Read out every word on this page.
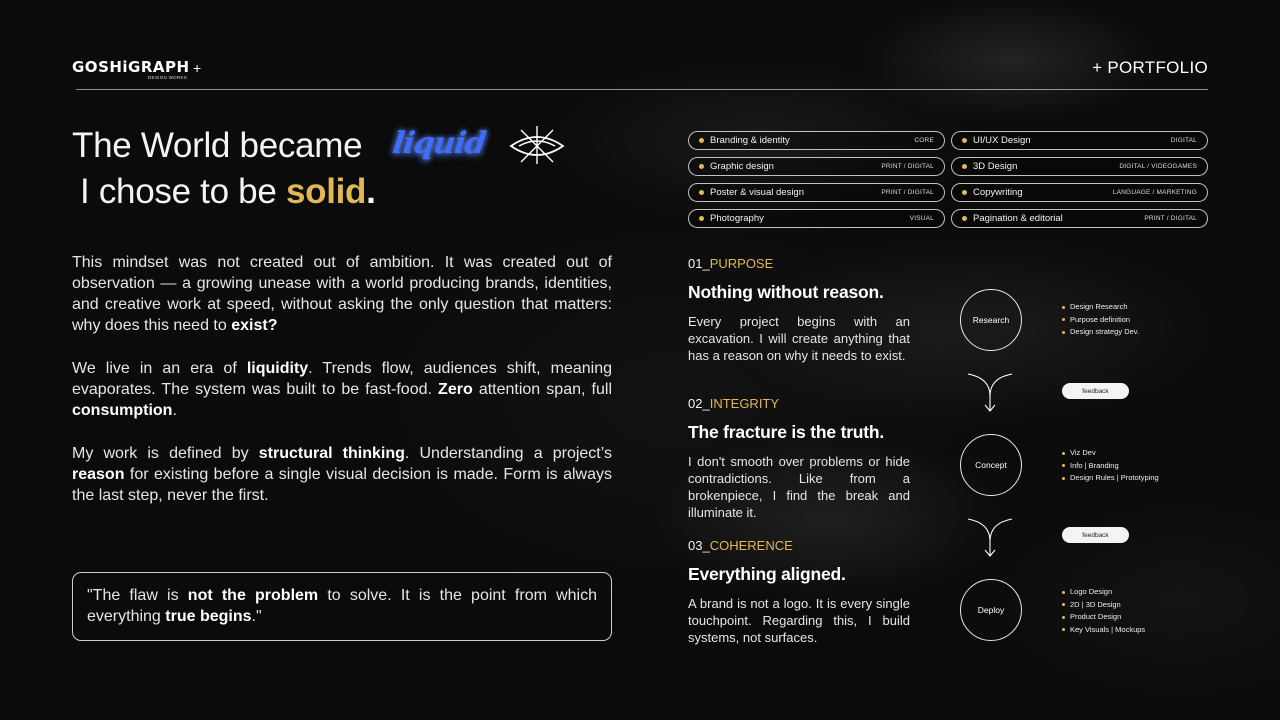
GOSHiGRAPH
DESIGN WORKS
+	+ PORTFOLIO
The World became liquid
I chose to be solid.

This mindset was not created out of ambition. It was created out of observation — a growing unease with a world producing brands, identities, and creative work at speed, without asking the only question that matters: why does this need to exist?

We live in an era of liquidity. Trends flow, audiences shift, meaning evaporates. The system was built to be fast-food. Zero attention span, full consumption.

My work is defined by structural thinking. Understanding a project’s reason for existing before a single visual decision is made. Form is always the last step, never the first.

"The flaw is not the problem to solve. It is the point from which everything true begins."
Branding & identity	CORE	UI/UX Design	DIGITAL
Graphic design	PRINT / DIGITAL	3D Design	DIGITAL / VIDEOGAMES
Poster & visual design	PRINT / DIGITAL	Copywriting	LANGUAGE / MARKETING
Photography	VISUAL	Pagination & editorial	PRINT / DIGITAL
01_PURPOSE
Nothing without reason.
Every project begins with an excavation. I will create anything that has a reason on why it needs to exist.
02_INTEGRITY
The fracture is the truth.
I don't smooth over problems or hide contradictions. Like from a brokenpiece, I find the break and illuminate it.
03_COHERENCE
Everything aligned.
A brand is not a logo. It is every single touchpoint. Regarding this, I build systems, not surfaces.
Research
Concept
Deploy
feedback
feedback
Design Research
Purpose definition
Design strategy Dev.
Viz Dev
Info | Branding
Design Rules | Prototyping
Logo Design
2D | 3D Design
Product Design
Key Visuals | Mockups
